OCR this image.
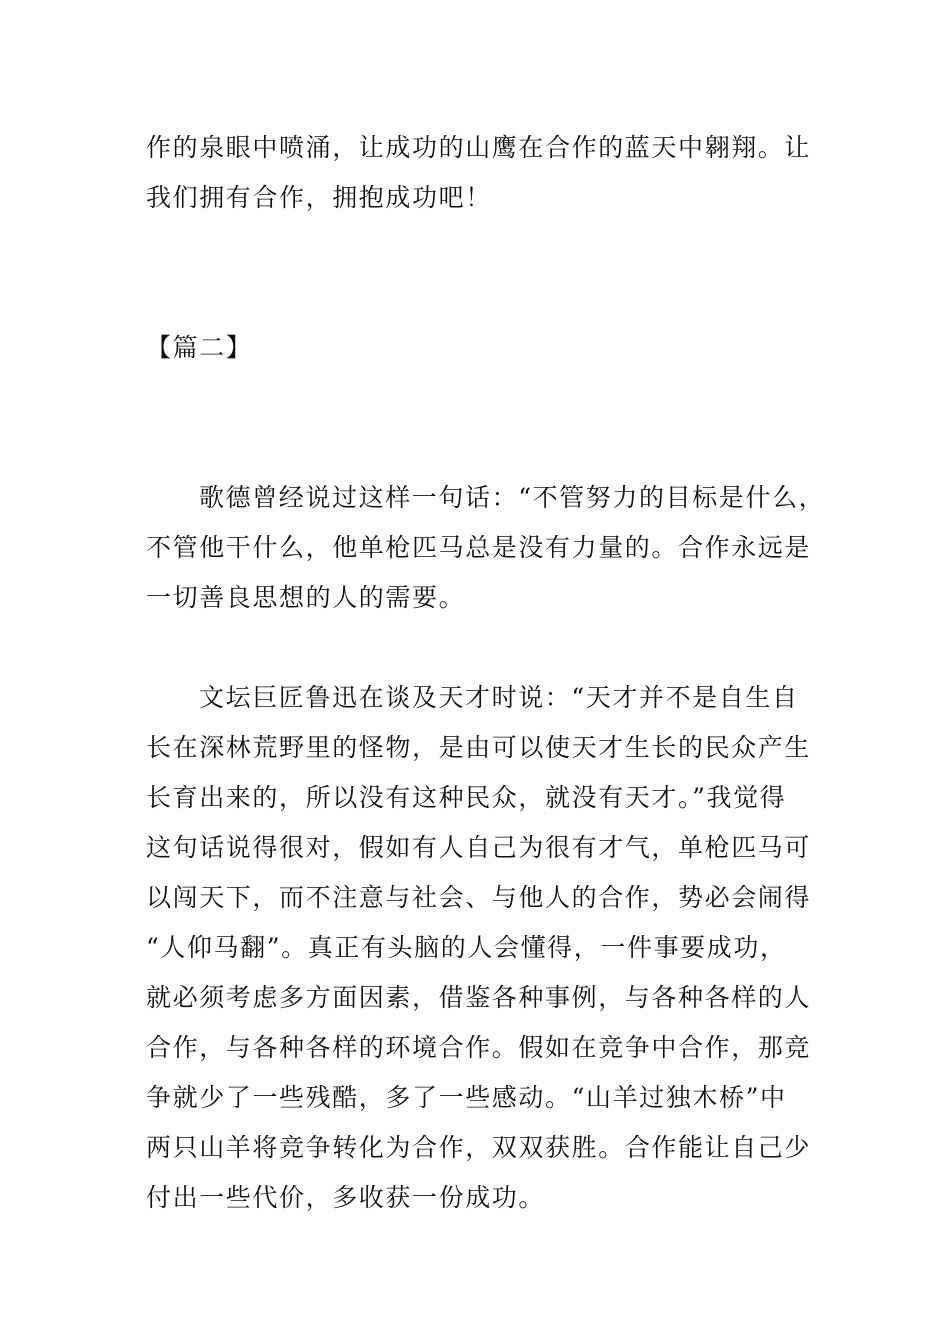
作的泉眼中喷涌，让成功的山鹰在合作的蓝天中翱翔。让
我们拥有合作，拥抱成功吧！
【篇二】
歌德曾经说过这样一句话：“不管努力的目标是什么，
不管他干什么，他单枪匹马总是没有力量的。合作永远是
一切善良思想的人的需要。
文坛巨匠鲁迅在谈及天才时说：“天才并不是自生自
长在深林荒野里的怪物，是由可以使天才生长的民众产生
长育出来的，所以没有这种民众，就没有天才。”我觉得
这句话说得很对，假如有人自己为很有才气，单枪匹马可
以闯天下，而不注意与社会、与他人的合作，势必会闹得
“人仰马翻”。真正有头脑的人会懂得，一件事要成功，
就必须考虑多方面因素，借鉴各种事例，与各种各样的人
合作，与各种各样的环境合作。假如在竞争中合作，那竞
争就少了一些残酷，多了一些感动。“山羊过独木桥”中
两只山羊将竞争转化为合作，双双获胜。合作能让自己少
付出一些代价，多收获一份成功。
